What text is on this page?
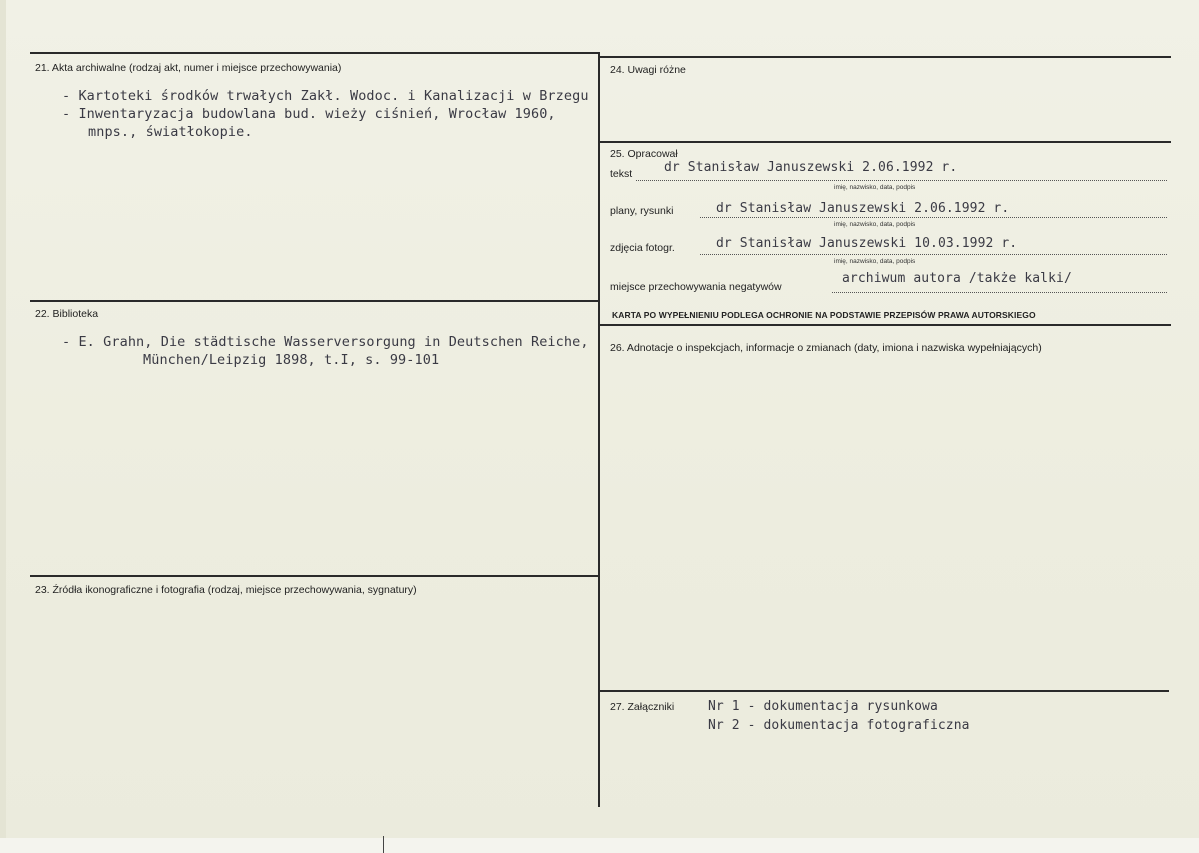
21. Akta archiwalne (rodzaj akt, numer i miejsce przechowywania)
- Kartoteki środków trwałych Zakł. Wodoc. i Kanalizacji w Brzegu
- Inwentaryzacja budowlana bud. wieży ciśnień, Wrocław 1960,
mnps., światłokopie.
22. Biblioteka
- E. Grahn, Die städtische Wasserversorgung in Deutschen Reiche,
München/Leipzig 1898, t.I, s. 99-101
23. Źródła ikonograficzne i fotografia (rodzaj, miejsce przechowywania, sygnatury)
24. Uwagi różne
25. Opracował
tekst dr Stanisław Januszewski 2.06.1992 r.
imię, nazwisko, data, podpis
plany, rysunki	dr Stanisław Januszewski 2.06.1992 r.
imię, nazwisko, data, podpis
zdjęcia fotogr.	dr Stanisław Januszewski 10.03.1992 r.
imię, nazwisko, data, podpis
miejsce przechowywania negatywów
archiwum autora /także kalki/
KARTA PO WYPEŁNIENIU PODLEGA OCHRONIE NA PODSTAWIE PRZEPISÓW PRAWA AUTORSKIEGO
26. Adnotacje o inspekcjach, informacje o zmianach (daty, imiona i nazwiska wypełniających)
27. Załączniki	Nr 1 - dokumentacja rysunkowa
Nr 2 - dokumentacja fotograficzna
